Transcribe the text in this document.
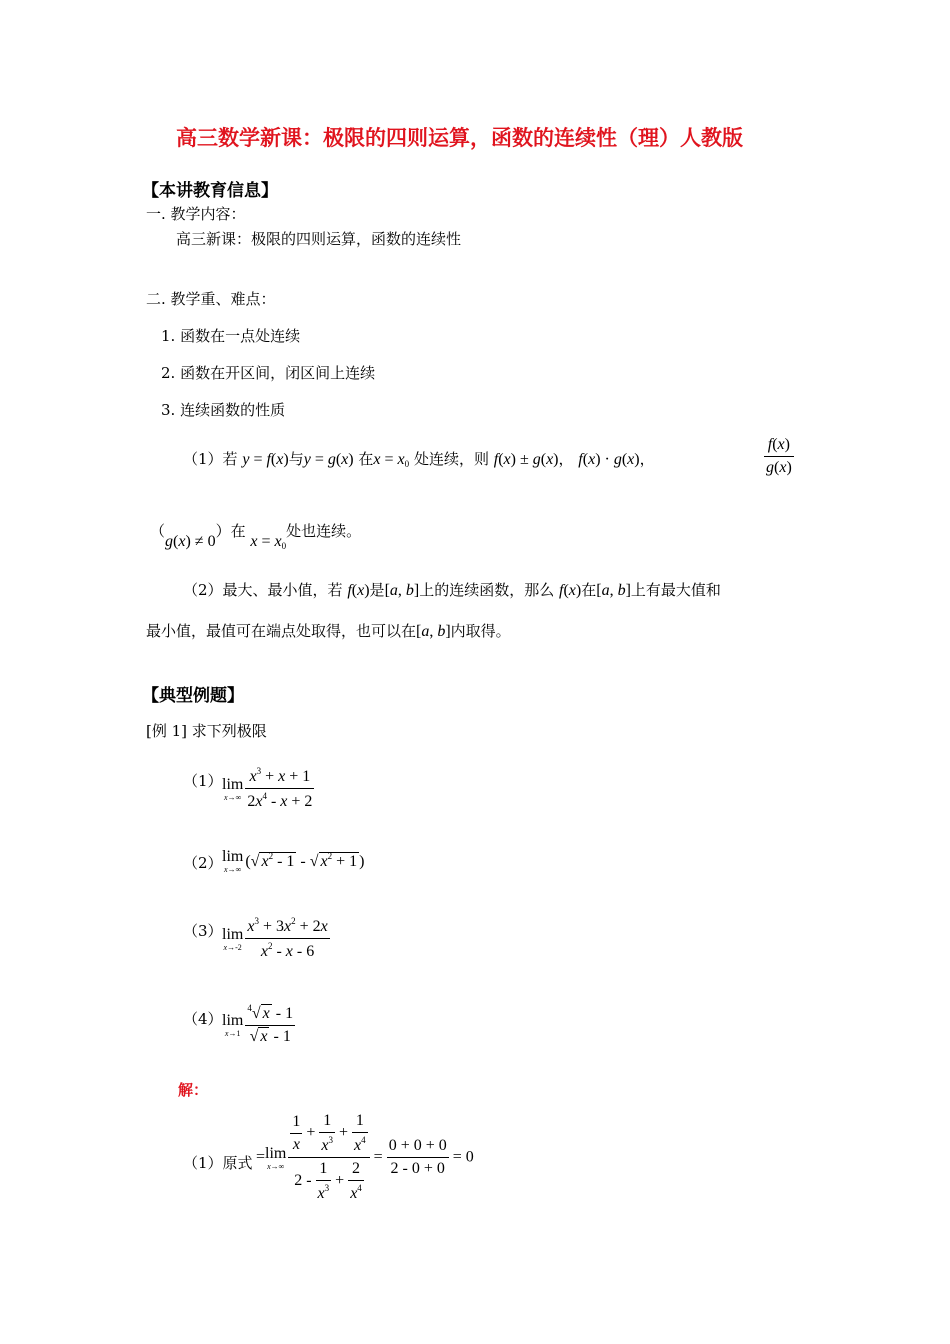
高三数学新课：极限的四则运算，函数的连续性（理）人教版
【本讲教育信息】
一. 教学内容：
高三新课：极限的四则运算，函数的连续性
二. 教学重、难点：
1. 函数在一点处连续
2. 函数在开区间，闭区间上连续
3. 连续函数的性质
（1）若 y = f(x)与y = g(x) 在$x = x_0$ 处连续，则 f(x) ± g(x)， f(x) · g(x)，	$\frac{f(x)}{g(x)}$
（g(x) ≠ 0）在 $x = x_0$处也连续。
（2）最大、最小值，若 f(x)是[a, b]上的连续函数，那么 f(x)在[a, b]上有最大值和
最小值，最值可在端点处取得，也可以在[a, b]内取得。
【典型例题】
[例 1] 求下列极限
（1） lim
$x\to\infty \frac{x^3 + x + 1}{2x^4 - x + 2}$
（2） lim
x→∞ (√ $x^2 - 1$ - √ $x^2 + 1$ )
（3） lim
$x\to-2 \frac{x^3 + 3x^2 + 2x}{x^2 - x - 6}$
（4） lim
$x\to 1 \frac{^4√ x - 1}{√ x - 1}$
解：
（1）原式 = lim
$x\to\infty \frac{\frac{1}{x} + \frac{1}{x^3} + \frac{1}{x^4}}{2 - \frac{1}{x^3} + \frac{2}{x^4}} = \frac{0 + 0 + 0}{2 - 0 + 0} = 0$
